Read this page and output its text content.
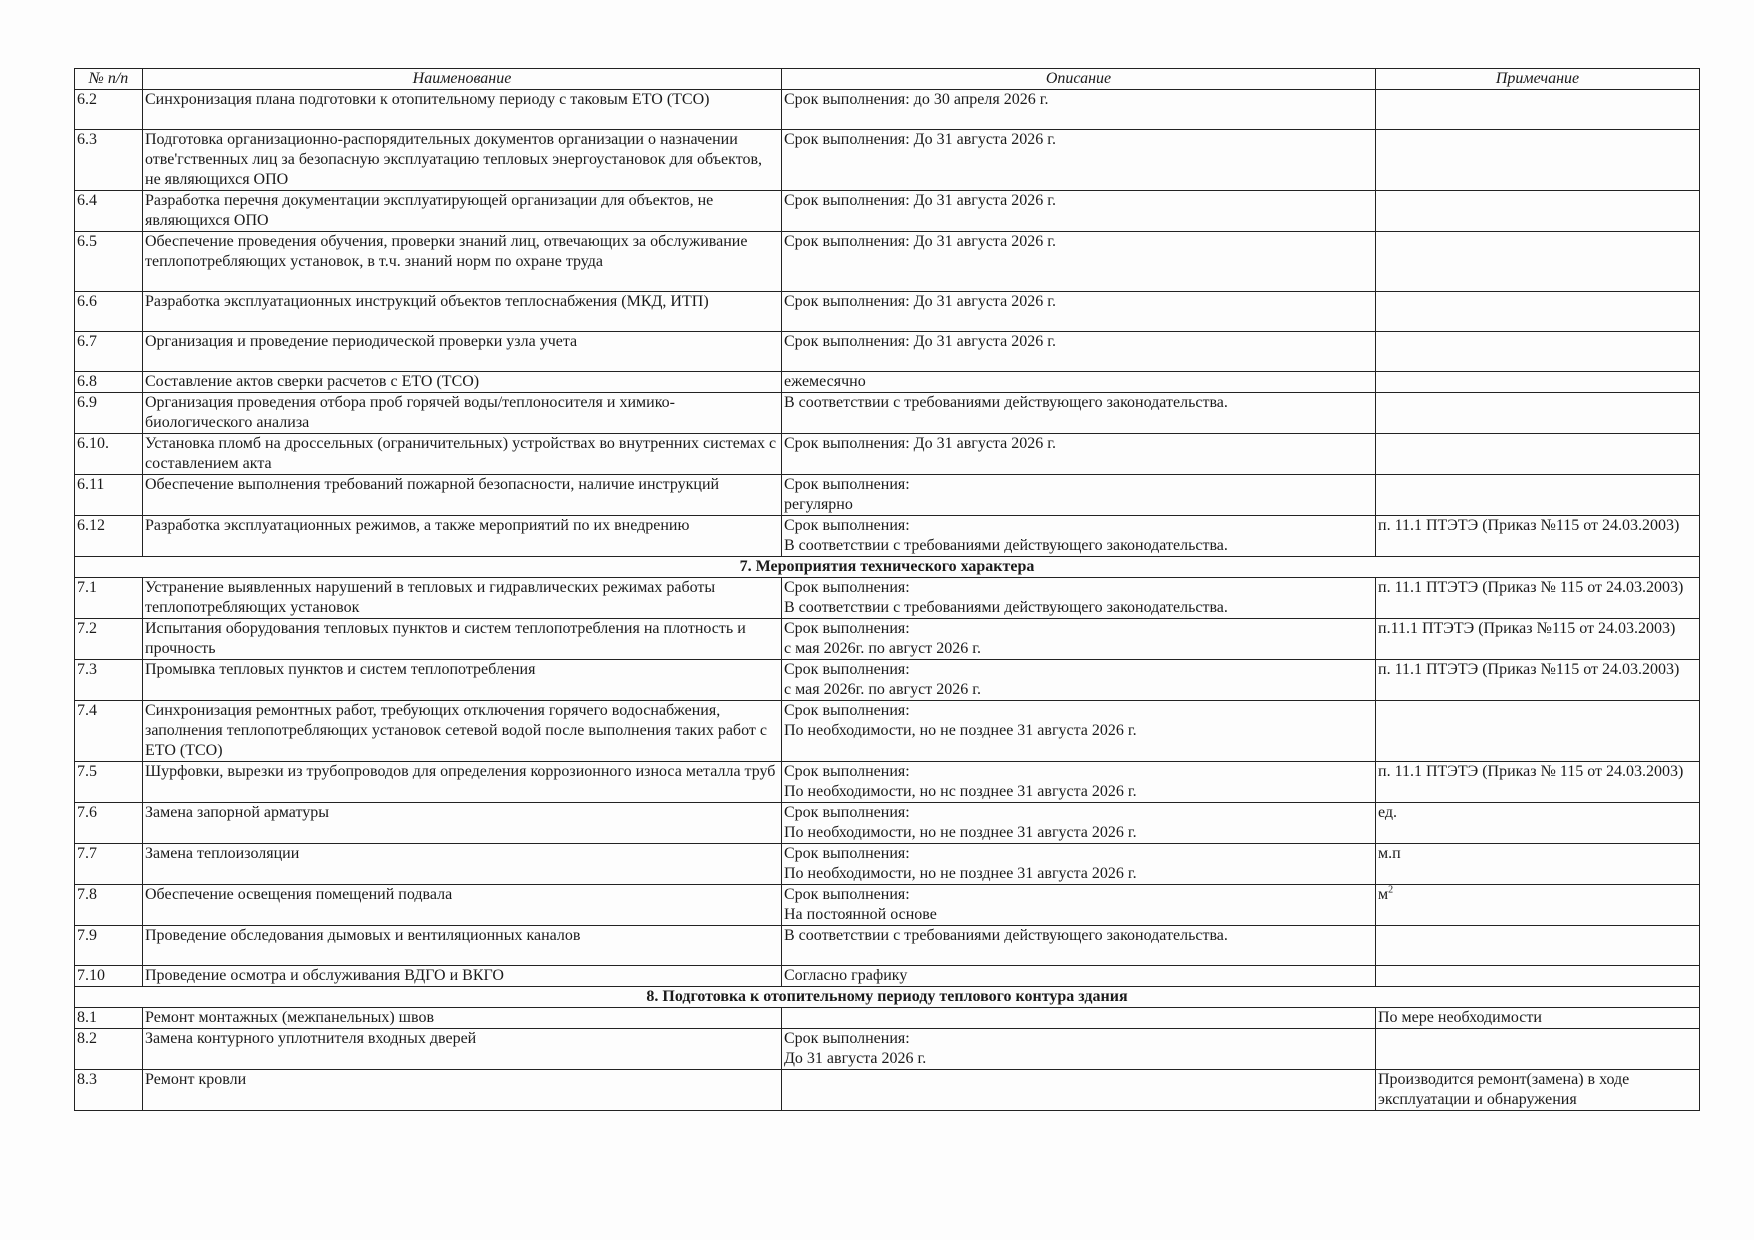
№ п/п	Наименование	Описание	Примечание
6.2	Синхронизация плана подготовки к отопительному периоду с таковым ЕТО (ТСО)	Срок выполнения: до 30 апреля 2026 г.	
6.3	Подготовка организационно-распорядительных документов организации о назначении отве'гственных лиц за безопасную эксплуатацию тепловых энергоустановок для объектов, не являющихся ОПО	Срок выполнения: До 31 августа 2026 г.	
6.4	Разработка перечня документации эксплуатирующей организации для объектов, не являющихся ОПО	Срок выполнения: До 31 августа 2026 г.	
6.5	Обеспечение проведения обучения, проверки знаний лиц, отвечающих за обслуживание теплопотребляющих установок, в т.ч. знаний норм по охране труда	Срок выполнения: До 31 августа 2026 г.	
6.6	Разработка эксплуатационных инструкций объектов теплоснабжения (МКД, ИТП)	Срок выполнения: До 31 августа 2026 г.	
6.7	Организация и проведение периодической проверки узла учета	Срок выполнения: До 31 августа 2026 г.	
6.8	Составление актов сверки расчетов с ЕТО (ТСО)	ежемесячно	
6.9	Организация проведения отбора проб горячей воды/теплоносителя и химико-биологического анализа	В соответствии с требованиями действующего законодательства.	
6.10.	Установка пломб на дроссельных (ограничительных) устройствах во внутренних системах с составлением акта	Срок выполнения: До 31 августа 2026 г.	
6.11	Обеспечение выполнения требований пожарной безопасности, наличие инструкций	Срок выполнения:
регулярно	

6.12	Разработка эксплуатационных режимов, а также мероприятий по их внедрению	Срок выполнения:
В соответствии с требованиями действующего законодательства.	п. 11.1 ПТЭТЭ (Приказ №115 от 24.03.2003)
7. Мероприятия технического характера			
7.1	Устранение выявленных нарушений в тепловых и гидравлических режимах работы теплопотребляющих установок	Срок выполнения:
В соответствии с требованиями действующего законодательства.	п. 11.1 ПТЭТЭ (Приказ № 115 от 24.03.2003)
7.2	Испытания оборудования тепловых пунктов и систем теплопотребления на плотность и прочность	Срок выполнения:
с мая 2026г. по август 2026 г.	п.11.1 ПТЭТЭ (Приказ №115 от 24.03.2003)
7.3	Промывка тепловых пунктов и систем теплопотребления	Срок выполнения:
с мая 2026г. по август 2026 г.	п. 11.1 ПТЭТЭ (Приказ №115 от 24.03.2003)
7.4	Синхронизация ремонтных работ, требующих отключения горячего водоснабжения, заполнения теплопотребляющих установок сетевой водой после выполнения таких работ с ЕТО (ТСО)	Срок выполнения:
По необходимости, но не позднее 31 августа 2026 г.	

7.5	Шурфовки, вырезки из трубопроводов для определения коррозионного износа металла труб	Срок выполнения:
По необходимости, но нс позднее 31 августа 2026 г.	п. 11.1 ПТЭТЭ (Приказ № 115 от 24.03.2003)
7.6	Замена запорной арматуры	Срок выполнения:
По необходимости, но не позднее 31 августа 2026 г.	ед.
7.7	Замена теплоизоляции	Срок выполнения:
По необходимости, но не позднее 31 августа 2026 г.	м.п
7.8	Обеспечение освещения помещений подвала	Срок выполнения:
На постоянной основе	$м^2$
7.9	Проведение обследования дымовых и вентиляционных каналов	В соответствии с требованиями действующего законодательства.	
7.10	Проведение осмотра и обслуживания ВДГО и ВКГО	Согласно графику	
8. Подготовка к отопительному периоду теплового контура здания			
8.1	Ремонт монтажных (межпанельных) швов		По мере необходимости
8.2	Замена контурного уплотнителя входных дверей	Срок выполнения:
До 31 августа 2026 г.	

8.3	Ремонт кровли		Производится ремонт(замена) в ходе эксплуатации и обнаружения
